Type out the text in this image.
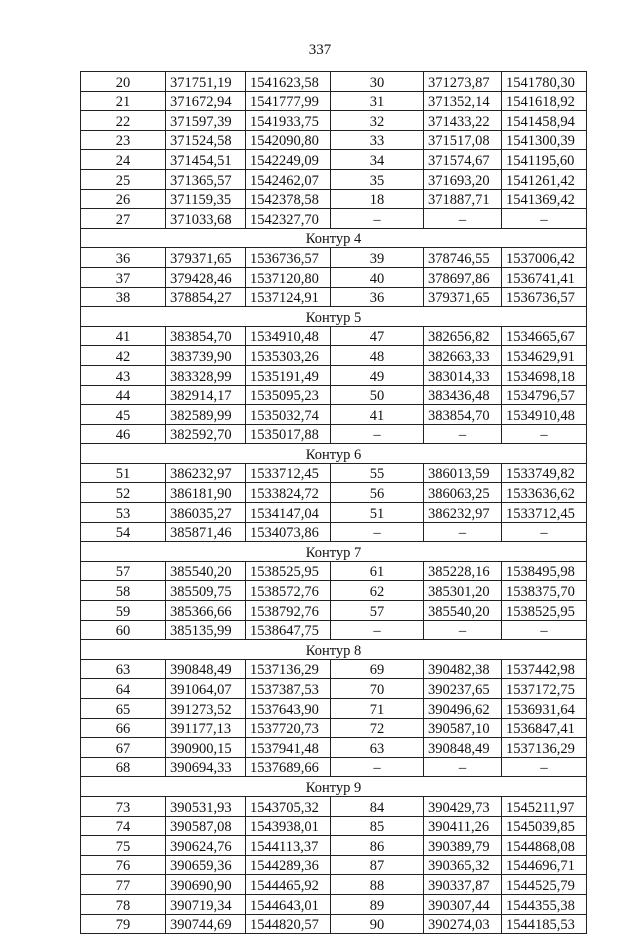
337
20	371751,19	1541623,58	30	371273,87	1541780,30
21	371672,94	1541777,99	31	371352,14	1541618,92
22	371597,39	1541933,75	32	371433,22	1541458,94
23	371524,58	1542090,80	33	371517,08	1541300,39
24	371454,51	1542249,09	34	371574,67	1541195,60
25	371365,57	1542462,07	35	371693,20	1541261,42
26	371159,35	1542378,58	18	371887,71	1541369,42
27	371033,68	1542327,70	–	–	–
Контур 4					
36	379371,65	1536736,57	39	378746,55	1537006,42
37	379428,46	1537120,80	40	378697,86	1536741,41
38	378854,27	1537124,91	36	379371,65	1536736,57
Контур 5					
41	383854,70	1534910,48	47	382656,82	1534665,67
42	383739,90	1535303,26	48	382663,33	1534629,91
43	383328,99	1535191,49	49	383014,33	1534698,18
44	382914,17	1535095,23	50	383436,48	1534796,57
45	382589,99	1535032,74	41	383854,70	1534910,48
46	382592,70	1535017,88	–	–	–
Контур 6					
51	386232,97	1533712,45	55	386013,59	1533749,82
52	386181,90	1533824,72	56	386063,25	1533636,62
53	386035,27	1534147,04	51	386232,97	1533712,45
54	385871,46	1534073,86	–	–	–
Контур 7					
57	385540,20	1538525,95	61	385228,16	1538495,98
58	385509,75	1538572,76	62	385301,20	1538375,70
59	385366,66	1538792,76	57	385540,20	1538525,95
60	385135,99	1538647,75	–	–	–
Контур 8					
63	390848,49	1537136,29	69	390482,38	1537442,98
64	391064,07	1537387,53	70	390237,65	1537172,75
65	391273,52	1537643,90	71	390496,62	1536931,64
66	391177,13	1537720,73	72	390587,10	1536847,41
67	390900,15	1537941,48	63	390848,49	1537136,29
68	390694,33	1537689,66	–	–	–
Контур 9					
73	390531,93	1543705,32	84	390429,73	1545211,97
74	390587,08	1543938,01	85	390411,26	1545039,85
75	390624,76	1544113,37	86	390389,79	1544868,08
76	390659,36	1544289,36	87	390365,32	1544696,71
77	390690,90	1544465,92	88	390337,87	1544525,79
78	390719,34	1544643,01	89	390307,44	1544355,38
79	390744,69	1544820,57	90	390274,03	1544185,53
